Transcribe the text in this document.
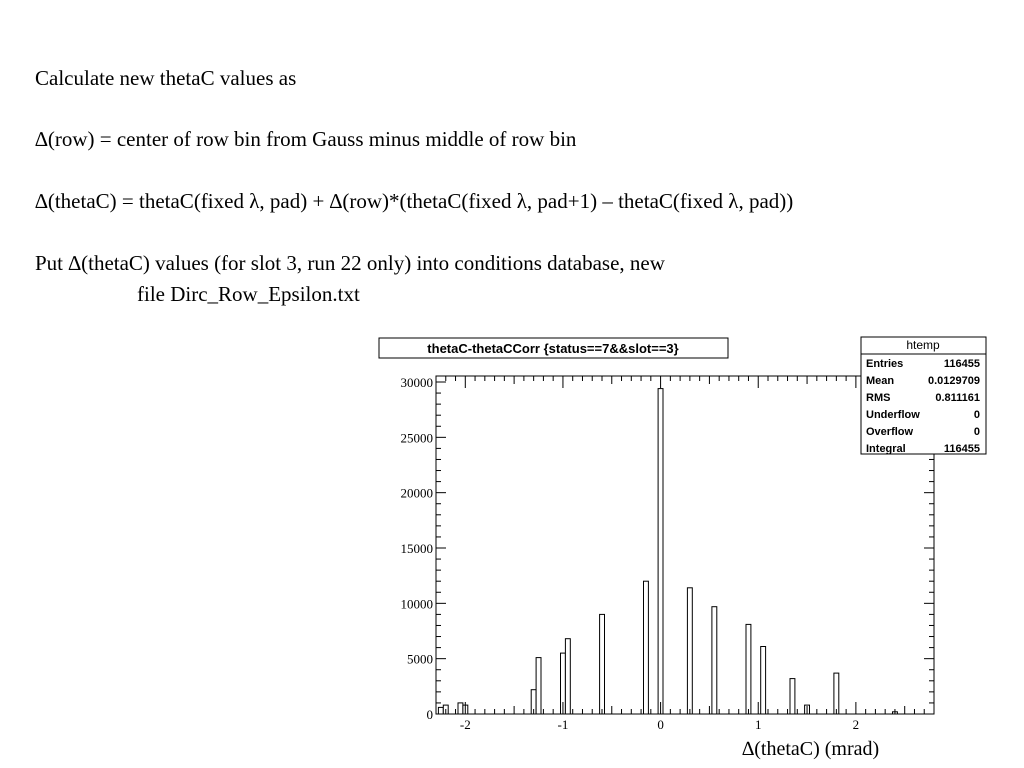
Calculate new thetaC values as

∆(row) = center of row bin from Gauss minus middle of row bin

∆(thetaC) = thetaC(fixed λ, pad) + ∆(row)*(thetaC(fixed λ, pad+1) – thetaC(fixed λ, pad))

Put ∆(thetaC) values (for slot 3, run 22 only) into conditions database, new

file Dirc_Row_Epsilon.txt

thetaC-thetaCCorr {status==7&&slot==3}
0
5000
10000
15000
20000
25000
30000
-2	-1	0	1	2
htemp
Entries	116455
Mean	0.0129709
RMS	0.811161
Underflow	0
Overflow	0
Integral	116455
∆(thetaC) (mrad)
